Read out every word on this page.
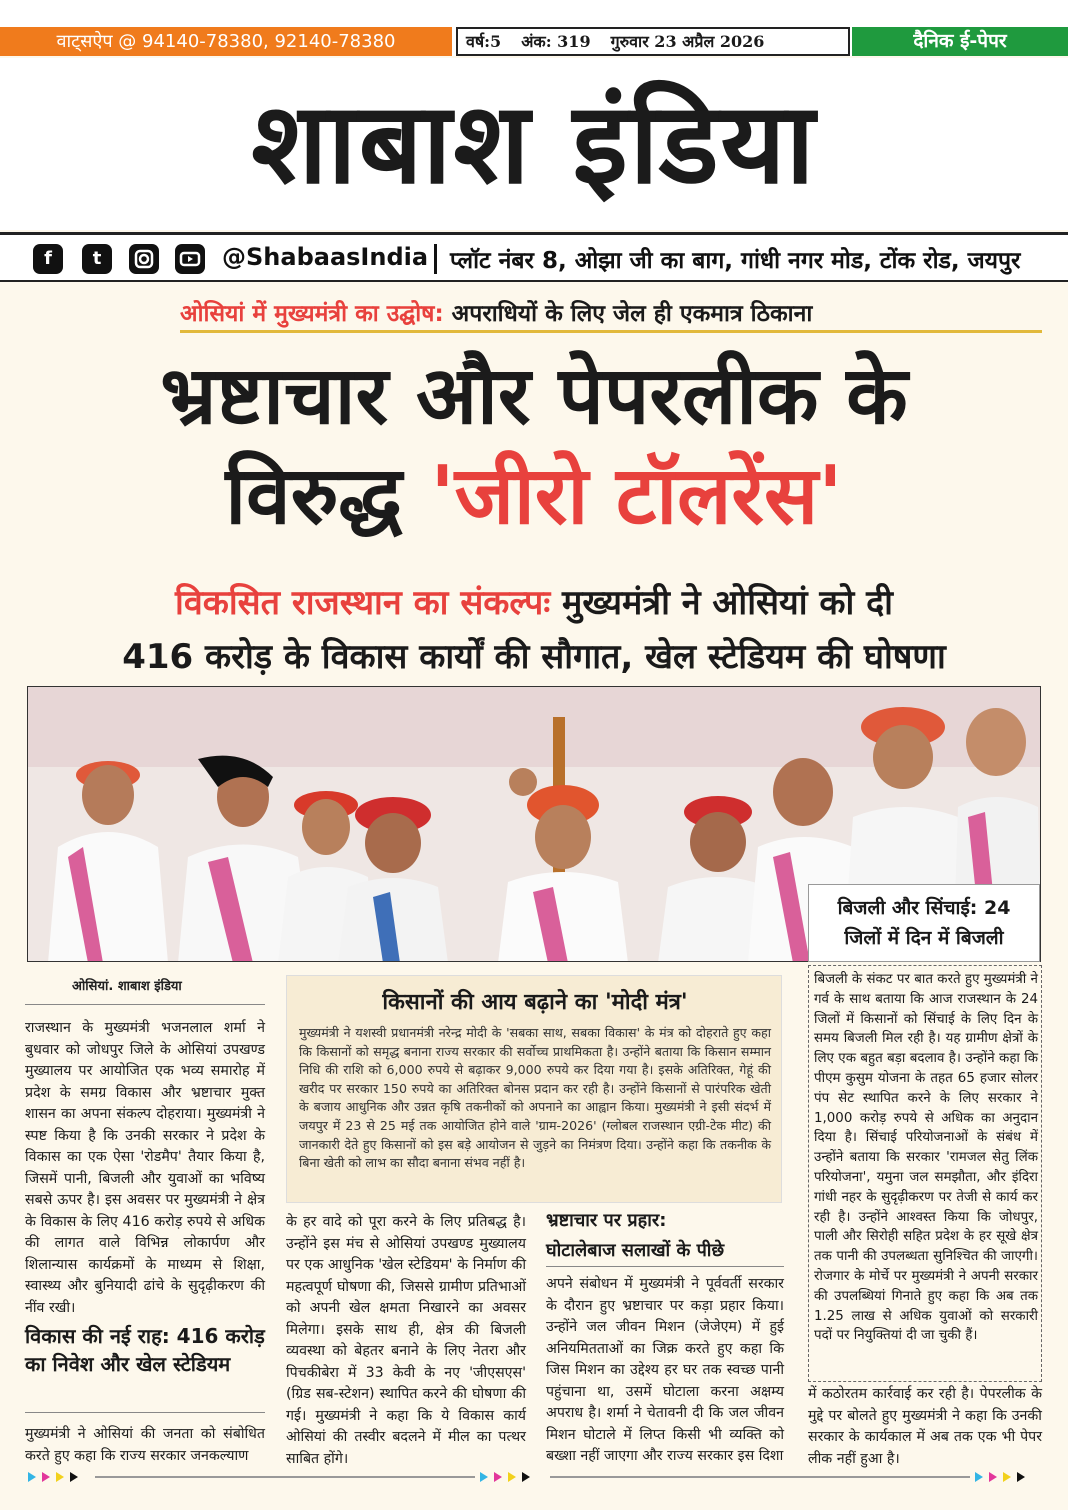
वाट्सऐप @ 94140-78380, 92140-78380	वर्ष:5 अंक: 319 गुरुवार 23 अप्रैल 2026	दैनिक ई-पेपर
शाबाश इंडिया
f	t	@ShabaasIndia प्लॉट नंबर 8, ओझा जी का बाग, गांधी नगर मोड, टोंक रोड, जयपुर
ओसियां में मुख्यमंत्री का उद्घोष: अपराधियों के लिए जेल ही एकमात्र ठिकाना
भ्रष्टाचार और पेपरलीक के
विरुद्ध 'जीरो टॉलरेंस'
विकसित राजस्थान का संकल्पः मुख्यमंत्री ने ओसियां को दी
416 करोड़ के विकास कार्यों की सौगात, खेल स्टेडियम की घोषणा
बिजली और सिंचाई: 24
जिलों में दिन में बिजली
ओसियां. शाबाश इंडिया
राजस्थान के मुख्यमंत्री भजनलाल शर्मा ने बुधवार को जोधपुर जिले के ओसियां उपखण्ड मुख्यालय पर आयोजित एक भव्य समारोह में प्रदेश के समग्र विकास और भ्रष्टाचार मुक्त शासन का अपना संकल्प दोहराया। मुख्यमंत्री ने स्पष्ट किया है कि उनकी सरकार ने प्रदेश के विकास का एक ऐसा 'रोडमैप' तैयार किया है, जिसमें पानी, बिजली और युवाओं का भविष्य सबसे ऊपर है। इस अवसर पर मुख्यमंत्री ने क्षेत्र के विकास के लिए 416 करोड़ रुपये से अधिक की लागत वाले विभिन्न लोकार्पण और शिलान्यास कार्यक्रमों के माध्यम से शिक्षा, स्वास्थ्य और बुनियादी ढांचे के सुदृढ़ीकरण की नींव रखी।
विकास की नई राह: 416 करोड़ का निवेश और खेल स्टेडियम
मुख्यमंत्री ने ओसियां की जनता को संबोधित करते हुए कहा कि राज्य सरकार जनकल्याण
किसानों की आय बढ़ाने का 'मोदी मंत्र'
मुख्यमंत्री ने यशस्वी प्रधानमंत्री नरेन्द्र मोदी के 'सबका साथ, सबका विकास' के मंत्र को दोहराते हुए कहा कि किसानों को समृद्ध बनाना राज्य सरकार की सर्वोच्च प्राथमिकता है। उन्होंने बताया कि किसान सम्मान निधि की राशि को 6,000 रुपये से बढ़ाकर 9,000 रुपये कर दिया गया है। इसके अतिरिक्त, गेहूं की खरीद पर सरकार 150 रुपये का अतिरिक्त बोनस प्रदान कर रही है। उन्होंने किसानों से पारंपरिक खेती के बजाय आधुनिक और उन्नत कृषि तकनीकों को अपनाने का आह्वान किया। मुख्यमंत्री ने इसी संदर्भ में जयपुर में 23 से 25 मई तक आयोजित होने वाले 'ग्राम-2026' (ग्लोबल राजस्थान एग्री-टेक मीट) की जानकारी देते हुए किसानों को इस बड़े आयोजन से जुड़ने का निमंत्रण दिया। उन्होंने कहा कि तकनीक के बिना खेती को लाभ का सौदा बनाना संभव नहीं है।
के हर वादे को पूरा करने के लिए प्रतिबद्ध है। उन्होंने इस मंच से ओसियां उपखण्ड मुख्यालय पर एक आधुनिक 'खेल स्टेडियम' के निर्माण की महत्वपूर्ण घोषणा की, जिससे ग्रामीण प्रतिभाओं को अपनी खेल क्षमता निखारने का अवसर मिलेगा। इसके साथ ही, क्षेत्र की बिजली व्यवस्था को बेहतर बनाने के लिए नेतरा और पिचकीबेरा में 33 केवी के नए 'जीएसएस' (ग्रिड सब-स्टेशन) स्थापित करने की घोषणा की गई। मुख्यमंत्री ने कहा कि ये विकास कार्य ओसियां की तस्वीर बदलने में मील का पत्थर साबित होंगे।
भ्रष्टाचार पर प्रहार:
घोटालेबाज सलाखों के पीछे
अपने संबोधन में मुख्यमंत्री ने पूर्ववर्ती सरकार के दौरान हुए भ्रष्टाचार पर कड़ा प्रहार किया। उन्होंने जल जीवन मिशन (जेजेएम) में हुई अनियमितताओं का जिक्र करते हुए कहा कि जिस मिशन का उद्देश्य हर घर तक स्वच्छ पानी पहुंचाना था, उसमें घोटाला करना अक्षम्य अपराध है। शर्मा ने चेतावनी दी कि जल जीवन मिशन घोटाले में लिप्त किसी भी व्यक्ति को बख्शा नहीं जाएगा और राज्य सरकार इस दिशा
बिजली के संकट पर बात करते हुए मुख्यमंत्री ने गर्व के साथ बताया कि आज राजस्थान के 24 जिलों में किसानों को सिंचाई के लिए दिन के समय बिजली मिल रही है। यह ग्रामीण क्षेत्रों के लिए एक बहुत बड़ा बदलाव है। उन्होंने कहा कि पीएम कुसुम योजना के तहत 65 हजार सोलर पंप सेट स्थापित करने के लिए सरकार ने 1,000 करोड़ रुपये से अधिक का अनुदान दिया है। सिंचाई परियोजनाओं के संबंध में उन्होंने बताया कि सरकार 'रामजल सेतु लिंक परियोजना', यमुना जल समझौता, और इंदिरा गांधी नहर के सुदृढ़ीकरण पर तेजी से कार्य कर रही है। उन्होंने आश्वस्त किया कि जोधपुर, पाली और सिरोही सहित प्रदेश के हर सूखे क्षेत्र तक पानी की उपलब्धता सुनिश्चित की जाएगी। रोजगार के मोर्चे पर मुख्यमंत्री ने अपनी सरकार की उपलब्धियां गिनाते हुए कहा कि अब तक 1.25 लाख से अधिक युवाओं को सरकारी पदों पर नियुक्तियां दी जा चुकी हैं।
में कठोरतम कार्रवाई कर रही है। पेपरलीक के मुद्दे पर बोलते हुए मुख्यमंत्री ने कहा कि उनकी सरकार के कार्यकाल में अब तक एक भी पेपर लीक नहीं हुआ है।
